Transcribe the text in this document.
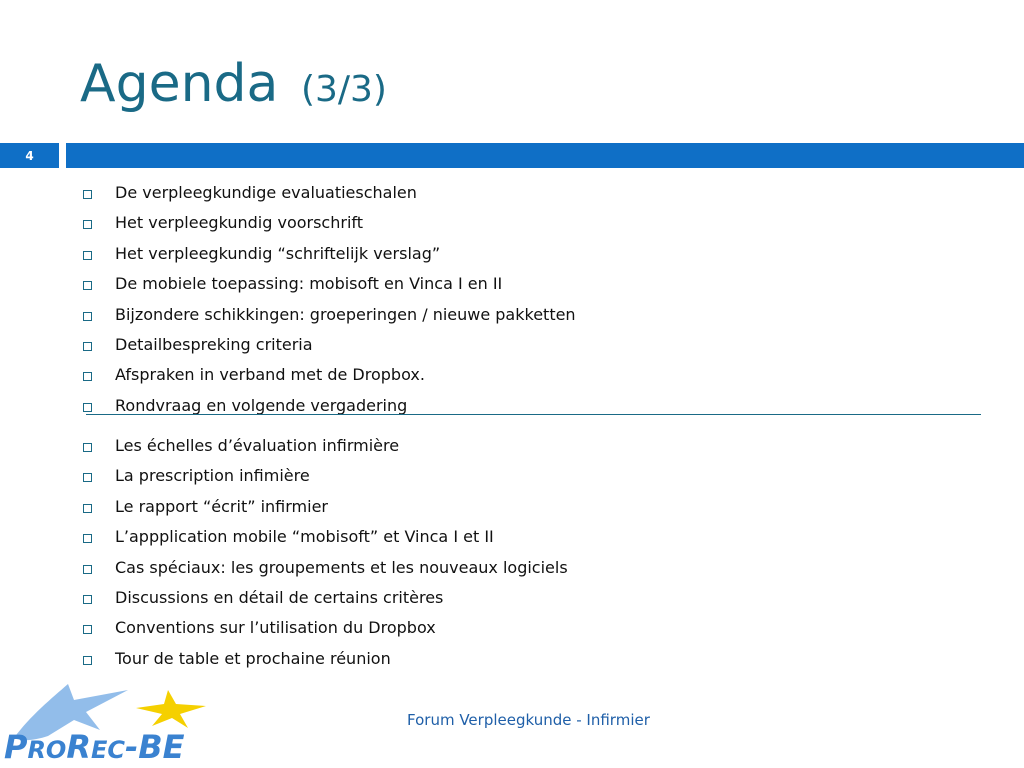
Agenda (3/3)
4
De verpleegkundige evaluatieschalen
Het verpleegkundig voorschrift
Het verpleegkundig “schriftelijk verslag”
De mobiele toepassing: mobisoft en Vinca I en II
Bijzondere schikkingen: groeperingen / nieuwe pakketten
Detailbespreking criteria
Afspraken in verband met de Dropbox.
Rondvraag en volgende vergadering
Les échelles d’évaluation infirmière
La prescription infimière
Le rapport “écrit” infirmier
L’appplication mobile “mobisoft” et Vinca I et II
Cas spéciaux: les groupements et les nouveaux logiciels
Discussions en détail de certains critères
Conventions sur l’utilisation du Dropbox
Tour de table et prochaine réunion
PROREC-BE
Forum Verpleegkunde - Infirmier
